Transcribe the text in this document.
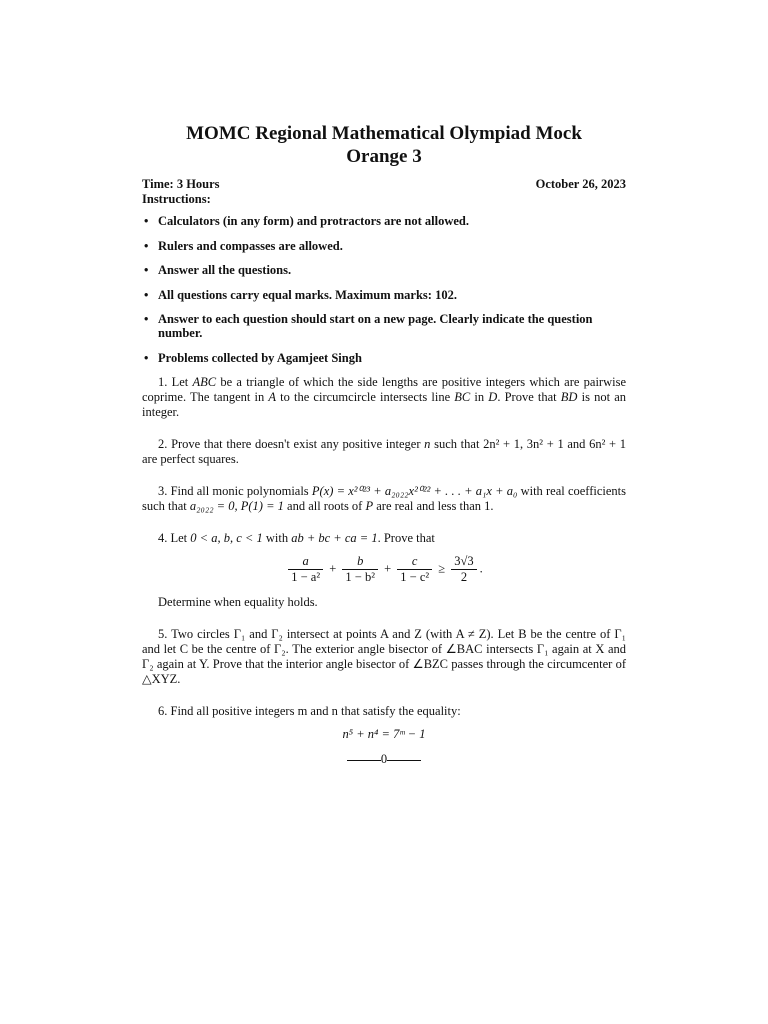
MOMC Regional Mathematical Olympiad Mock
Orange 3
Time: 3 Hours	October 26, 2023
Instructions:
• Calculators (in any form) and protractors are not allowed.
• Rulers and compasses are allowed.
• Answer all the questions.
• All questions carry equal marks. Maximum marks: 102.
• Answer to each question should start on a new page. Clearly indicate the question number.
• Problems collected by Agamjeet Singh
1. Let ABC be a triangle of which the side lengths are positive integers which are pairwise coprime. The tangent in A to the circumcircle intersects line BC in D. Prove that BD is not an integer.
2. Prove that there doesn't exist any positive integer n such that 2n² + 1, 3n² + 1 and 6n² + 1 are perfect squares.
3. Find all monic polynomials P(x) = x²⁰²³ + a₂₀₂₂x²⁰²² + . . . + a₁x + a₀ with real coefficients such that a₂₀₂₂ = 0, P(1) = 1 and all roots of P are real and less than 1.
4. Let 0 < a, b, c < 1 with ab + bc + ca = 1. Prove that
$\frac{a}{\text{1 − a²}} + \frac{b}{\text{1 − b²}} + \frac{c}{\text{1 − c²}} \ge \frac{3√3}{2}$ .
Determine when equality holds.
5. Two circles Γ₁ and Γ₂ intersect at points A and Z (with A ≠ Z). Let B be the centre of Γ₁ and let C be the centre of Γ₂. The exterior angle bisector of ∠BAC intersects Γ₁ again at X and Γ₂ again at Y. Prove that the interior angle bisector of ∠BZC passes through the circumcenter of △XYZ.
6. Find all positive integers m and n that satisfy the equality:
n⁵ + n⁴ = 7ᵐ − 1
0
